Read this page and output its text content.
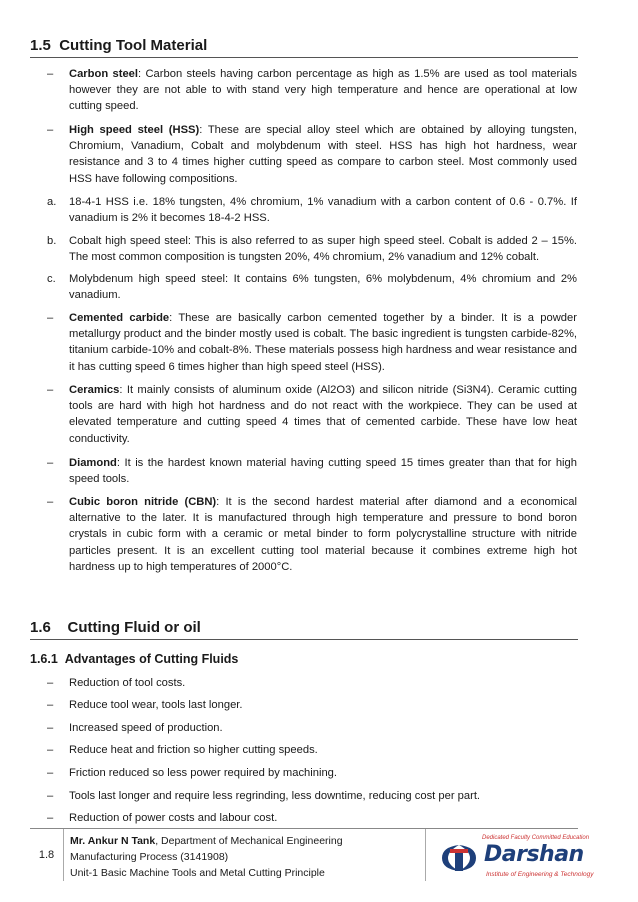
1.5 Cutting Tool Material
–	Carbon steel: Carbon steels having carbon percentage as high as 1.5% are used as tool materials however they are not able to with stand very high temperature and hence are operational at low cutting speed.
–	High speed steel (HSS): These are special alloy steel which are obtained by alloying tungsten, Chromium, Vanadium, Cobalt and molybdenum with steel. HSS has high hot hardness, wear resistance and 3 to 4 times higher cutting speed as compare to carbon steel. Most commonly used HSS have following compositions.
a.	18-4-1 HSS i.e. 18% tungsten, 4% chromium, 1% vanadium with a carbon content of 0.6 - 0.7%. If vanadium is 2% it becomes 18-4-2 HSS.
b.	Cobalt high speed steel: This is also referred to as super high speed steel. Cobalt is added 2 – 15%. The most common composition is tungsten 20%, 4% chromium, 2% vanadium and 12% cobalt.
c.	Molybdenum high speed steel: It contains 6% tungsten, 6% molybdenum, 4% chromium and 2% vanadium.
–	Cemented carbide: These are basically carbon cemented together by a binder. It is a powder metallurgy product and the binder mostly used is cobalt. The basic ingredient is tungsten carbide-82%, titanium carbide-10% and cobalt-8%. These materials possess high hardness and wear resistance and it has cutting speed 6 times higher than high speed steel (HSS).
–	Ceramics: It mainly consists of aluminum oxide (Al2O3) and silicon nitride (Si3N4). Ceramic cutting tools are hard with high hot hardness and do not react with the workpiece. They can be used at elevated temperature and cutting speed 4 times that of cemented carbide. These have low heat conductivity.
–	Diamond: It is the hardest known material having cutting speed 15 times greater than that for high speed tools.
–	Cubic boron nitride (CBN): It is the second hardest material after diamond and a economical alternative to the later. It is manufactured through high temperature and pressure to bond boron crystals in cubic form with a ceramic or metal binder to form polycrystalline structure with nitride particles present. It is an excellent cutting tool material because it combines extreme high hot hardness up to high temperatures of 2000°C.
1.6 Cutting Fluid or oil
1.6.1 Advantages of Cutting Fluids
–	Reduction of tool costs.
–	Reduce tool wear, tools last longer.
–	Increased speed of production.
–	Reduce heat and friction so higher cutting speeds.
–	Friction reduced so less power required by machining.
–	Tools last longer and require less regrinding, less downtime, reducing cost per part.
–	Reduction of power costs and labour cost.
1.8
Mr. Ankur N Tank, Department of Mechanical Engineering
Manufacturing Process (3141908)
Unit-1 Basic Machine Tools and Metal Cutting Principle
Dedicated Faculty Committed Education
Darshan
Institute of Engineering & Technology
